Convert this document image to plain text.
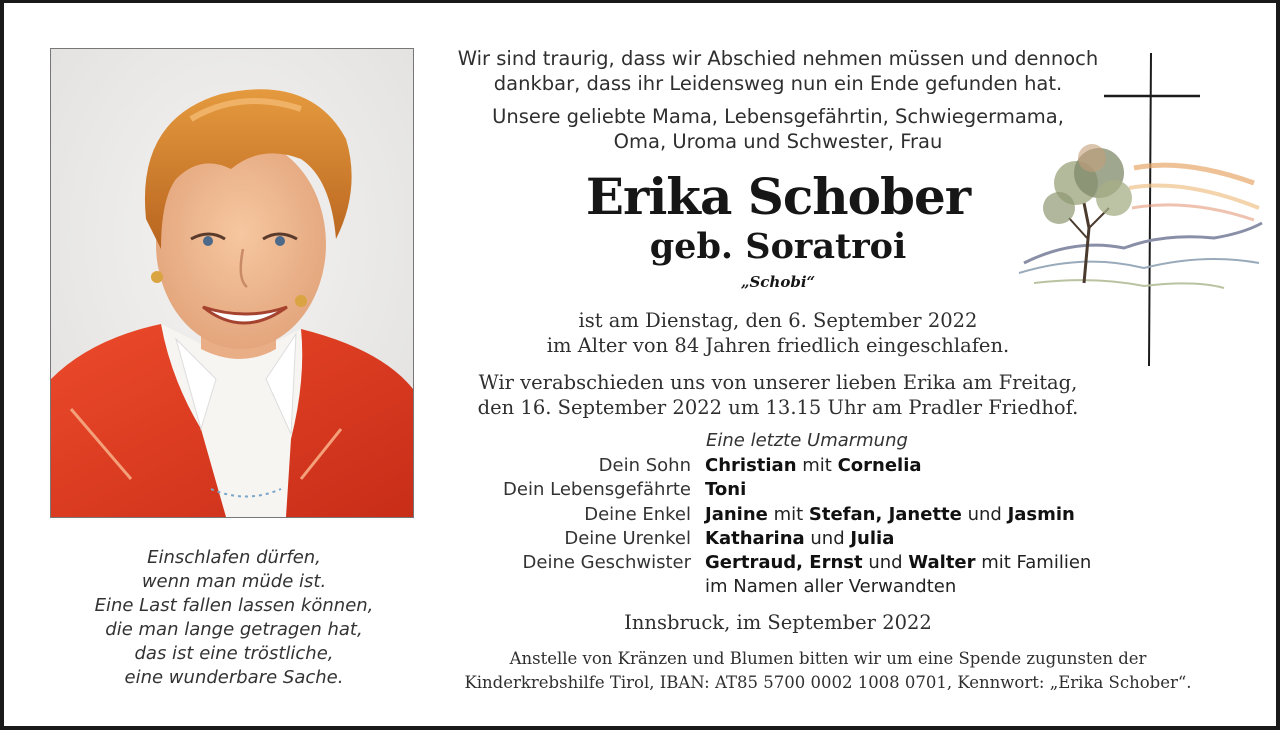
Einschlafen dürfen,
wenn man müde ist.
Eine Last fallen lassen können,
die man lange getragen hat,
das ist eine tröstliche,
eine wunderbare Sache.
Wir sind traurig, dass wir Abschied nehmen müssen und dennoch
dankbar, dass ihr Leidensweg nun ein Ende gefunden hat.
Unsere geliebte Mama, Lebensgefährtin, Schwiegermama,
Oma, Uroma und Schwester, Frau
Erika Schober
geb. Soratroi
„Schobi“
ist am Dienstag, den 6. September 2022
im Alter von 84 Jahren friedlich eingeschlafen.
Wir verabschieden uns von unserer lieben Erika am Freitag,
den 16. September 2022 um 13.15 Uhr am Pradler Friedhof.
Eine letzte Umarmung
Dein Sohn Christian mit Cornelia
Dein Lebensgefährte Toni
Deine Enkel Janine mit Stefan, Janette und Jasmin
Deine Urenkel Katharina und Julia
Deine Geschwister Gertraud, Ernst und Walter mit Familien
im Namen aller Verwandten
Innsbruck, im September 2022
Anstelle von Kränzen und Blumen bitten wir um eine Spende zugunsten der
Kinderkrebshilfe Tirol, IBAN: AT85 5700 0002 1008 0701, Kennwort: „Erika Schober“.
